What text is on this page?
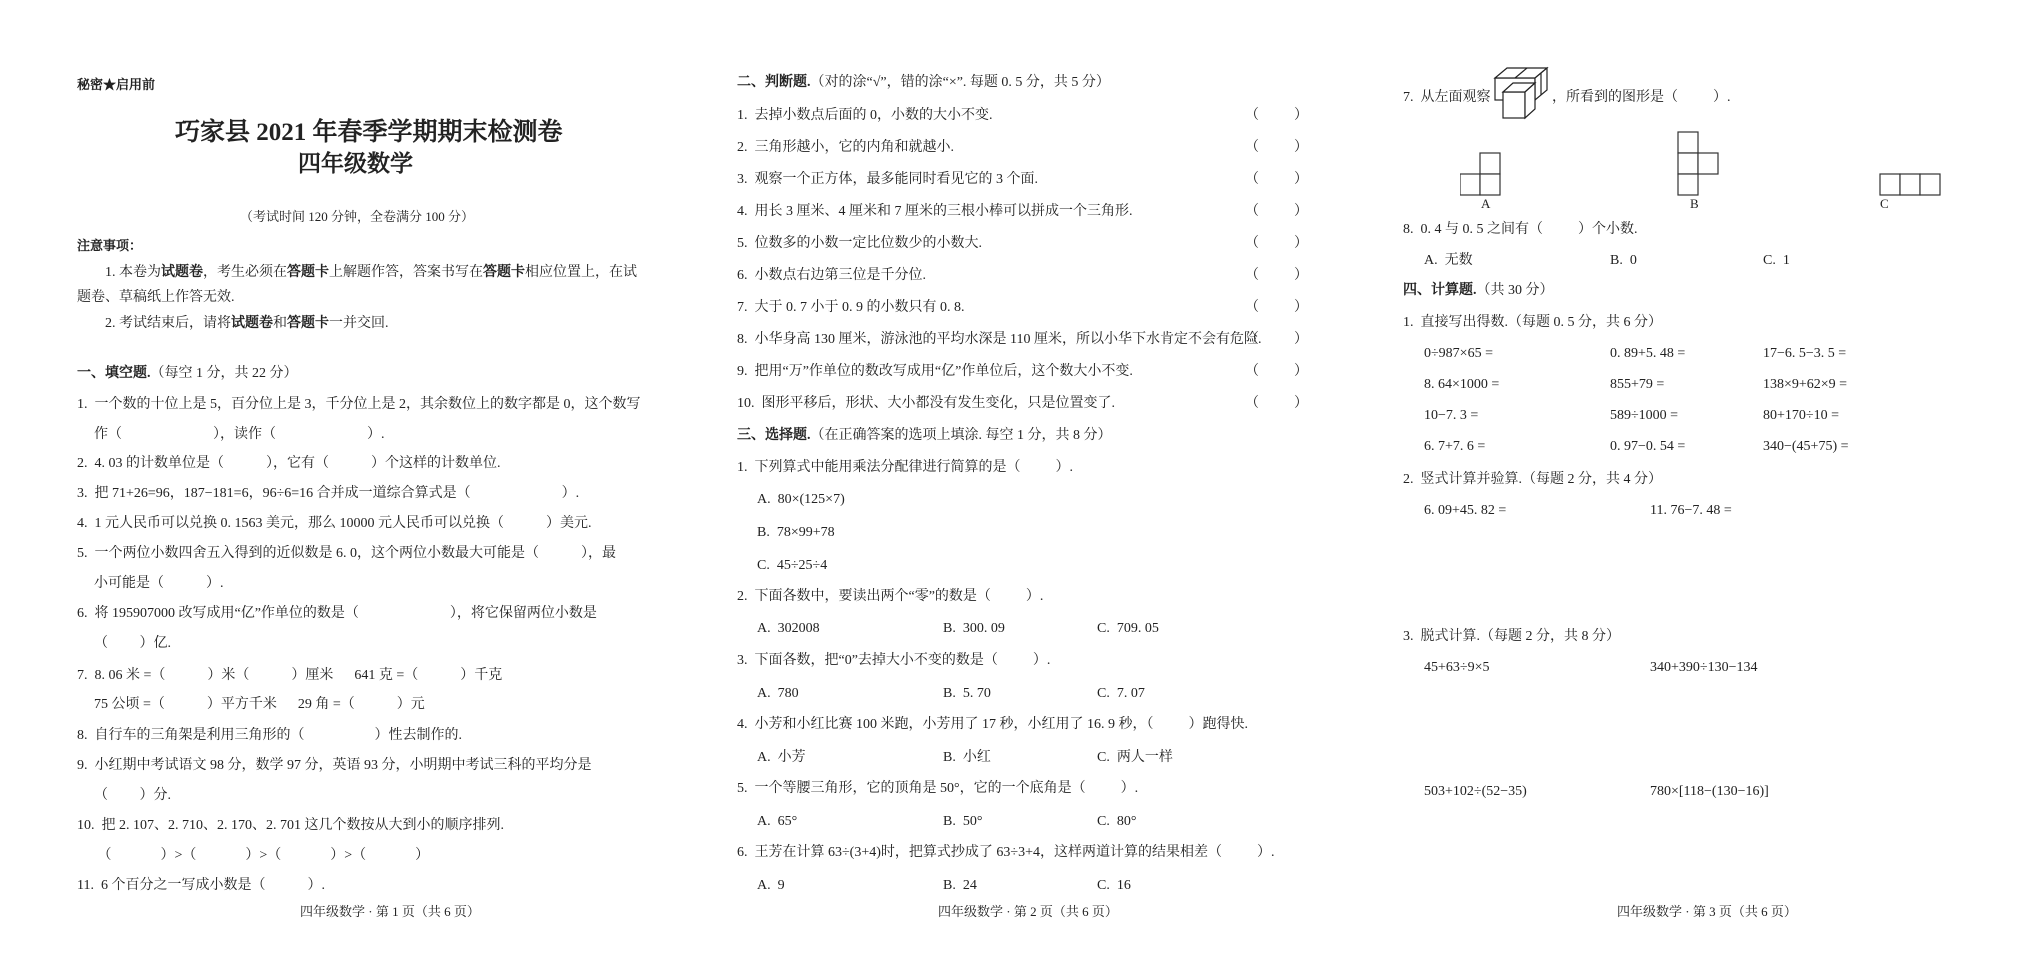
秘密★启用前
巧家县 2021 年春季学期期末检测卷
四年级数学
（考试时间 120 分钟，全卷满分 100 分）
注意事项：
1. 本卷为试题卷，考生必须在答题卡上解题作答，答案书写在答题卡相应位置上，在试
题卷、草稿纸上作答无效.
2. 考试结束后，请将试题卷和答题卡一并交回.
一、填空题.（每空 1 分，共 22 分）
1.  一个数的十位上是 5，百分位上是 3，千分位上是 2，其余数位上的数字都是 0，这个数写
作（                          ），读作（                          ）.
2.  4. 03 的计数单位是（            ），它有（            ）个这样的计数单位.
3.  把 71+26=96，187−181=6，96÷6=16 合并成一道综合算式是（                          ）.
4.  1 元人民币可以兑换 0. 1563 美元，那么 10000 元人民币可以兑换（            ）美元.
5.  一个两位小数四舍五入得到的近似数是 6. 0，这个两位小数最大可能是（            ），最
小可能是（            ）.
6.  将 195907000 改写成用“亿”作单位的数是（                          ），将它保留两位小数是
（         ）亿.
7.  8. 06 米 =（            ）米（            ）厘米      641 克 =（            ）千克
75 公顷 =（            ）平方千米      29 角 =（            ）元
8.  自行车的三角架是利用三角形的（                    ）性去制作的.
9.  小红期中考试语文 98 分，数学 97 分，英语 93 分，小明期中考试三科的平均分是
（         ）分.
10.  把 2. 107、2. 710、2. 170、2. 701 这几个数按从大到小的顺序排列.
（              ）>（              ）>（              ）>（              ）
11.  6 个百分之一写成小数是（            ）.
四年级数学 · 第 1 页（共 6 页）
二、判断题.（对的涂“√”，错的涂“×”. 每题 0. 5 分，共 5 分）
1.  去掉小数点后面的 0，小数的大小不变.	（          ）
2.  三角形越小，它的内角和就越小.	（          ）
3.  观察一个正方体，最多能同时看见它的 3 个面.	（          ）
4.  用长 3 厘米、4 厘米和 7 厘米的三根小棒可以拼成一个三角形.	（          ）
5.  位数多的小数一定比位数少的小数大.	（          ）
6.  小数点右边第三位是千分位.	（          ）
7.  大于 0. 7 小于 0. 9 的小数只有 0. 8.	（          ）
8.  小华身高 130 厘米，游泳池的平均水深是 110 厘米，所以小华下水肯定不会有危险.
（          ）
9.  把用“万”作单位的数改写成用“亿”作单位后，这个数大小不变.	（          ）
10.  图形平移后，形状、大小都没有发生变化，只是位置变了.	（          ）
三、选择题.（在正确答案的选项上填涂. 每空 1 分，共 8 分）
1.  下列算式中能用乘法分配律进行简算的是（          ）.
A.  80×(125×7)
B.  78×99+78
C.  45÷25÷4
2.  下面各数中，要读出两个“零”的数是（          ）.
A.  302008	B.  300. 09	C.  709. 05
3.  下面各数，把“0”去掉大小不变的数是（          ）.
A.  780	B.  5. 70	C.  7. 07
4.  小芳和小红比赛 100 米跑，小芳用了 17 秒，小红用了 16. 9 秒，（          ）跑得快.
A.  小芳	B.  小红	C.  两人一样
5.  一个等腰三角形，它的顶角是 50°，它的一个底角是（          ）.
A.  65°	B.  50°	C.  80°
6.  王芳在计算 63÷(3+4)时，把算式抄成了 63÷3+4，这样两道计算的结果相差（          ）.
A.  9	B.  24	C.  16
四年级数学 · 第 2 页（共 6 页）
7.  从左面观察	，所看到的图形是（          ）.
A	B	C
8.  0. 4 与 0. 5 之间有（          ）个小数.
A.  无数	B.  0	C.  1
四、计算题.（共 30 分）
1.  直接写出得数.（每题 0. 5 分，共 6 分）
0÷987×65 =	0. 89+5. 48 =	17−6. 5−3. 5 =
8. 64×1000 =	855+79 =	138×9+62×9 =
10−7. 3 =	589÷1000 =	80+170÷10 =
6. 7+7. 6 =	0. 97−0. 54 =	340−(45+75) =
2.  竖式计算并验算.（每题 2 分，共 4 分）
6. 09+45. 82 =	11. 76−7. 48 =
3.  脱式计算.（每题 2 分，共 8 分）
45+63÷9×5	340+390÷130−134
503+102÷(52−35)	780×[118−(130−16)]
四年级数学 · 第 3 页（共 6 页）
